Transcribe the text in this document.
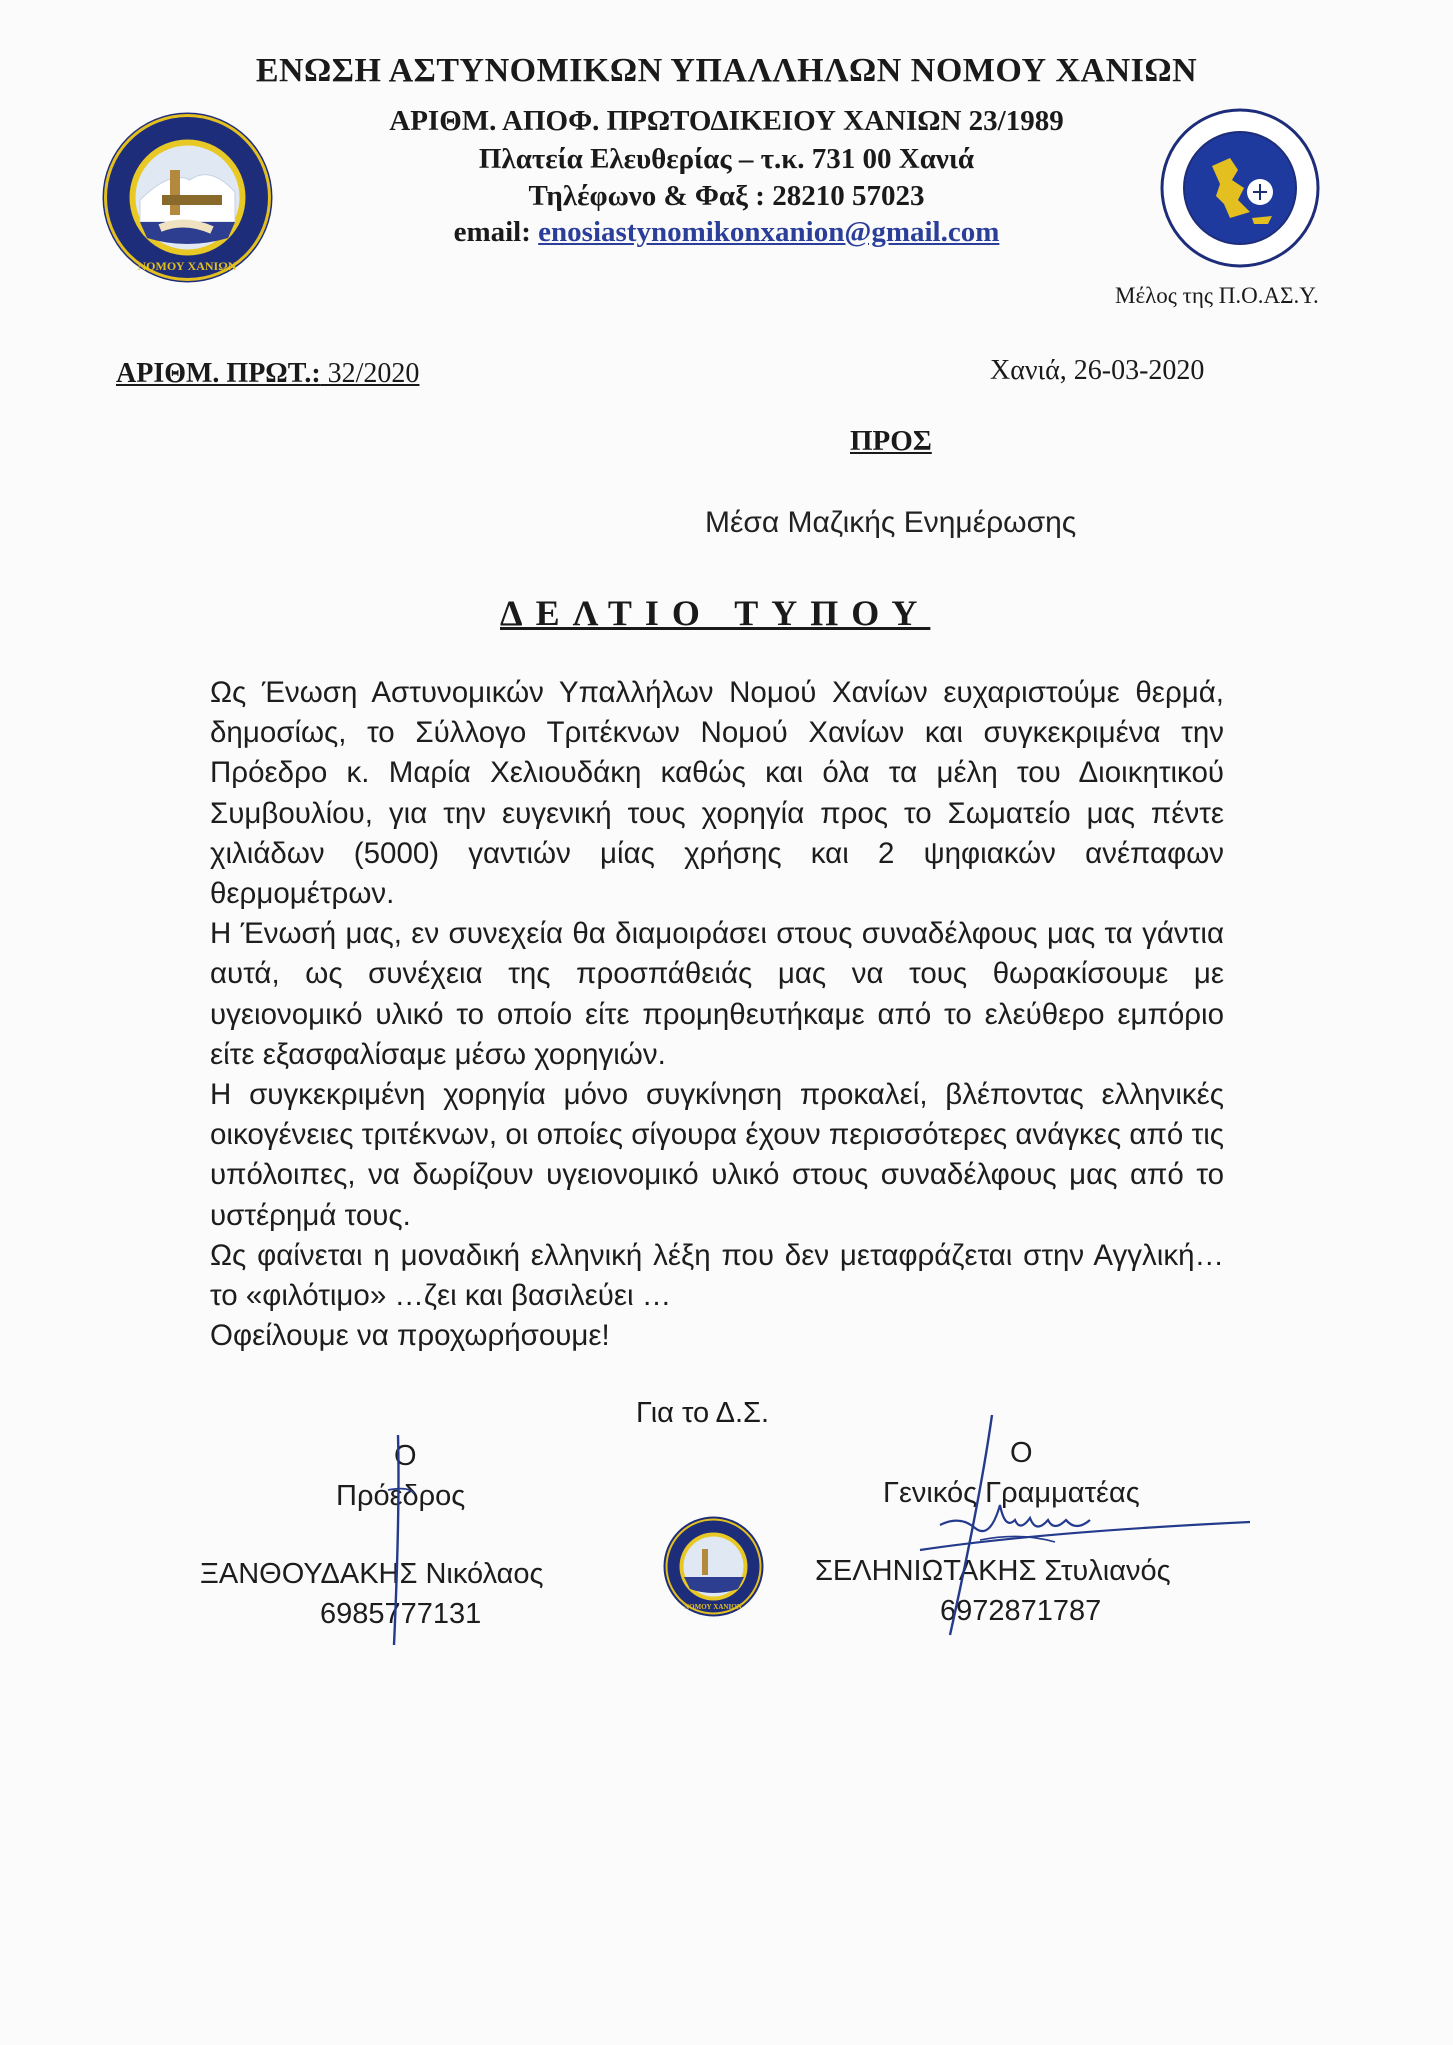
ΝΟΜΟΥ ΧΑΝΙΩΝ
ΕΝΩΣΗ ΑΣΤΥΝΟΜΙΚΩΝ ΥΠΑΛΛΗΛΩΝ ΝΟΜΟΥ ΧΑΝΙΩΝ
ΑΡΙΘΜ. ΑΠΟΦ. ΠΡΩΤΟΔΙΚΕΙΟΥ ΧΑΝΙΩΝ 23/1989
Πλατεία Ελευθερίας – τ.κ. 731 00 Χανιά
Τηλέφωνο & Φαξ : 28210 57023
email: enosiastynomikonxanion@gmail.com
Μέλος της Π.Ο.ΑΣ.Υ.
ΑΡΙΘΜ. ΠΡΩΤ.: 32/2020	Χανιά, 26-03-2020
ΠΡΟΣ
Μέσα Μαζικής Ενημέρωσης
ΔΕΛΤΙΟ ΤΥΠΟΥ

Ως Ένωση Αστυνομικών Υπαλλήλων Νομού Χανίων ευχαριστούμε θερμά, δημοσίως, το Σύλλογο Τριτέκνων Νομού Χανίων και συγκεκριμένα την Πρόεδρο κ. Μαρία Χελιουδάκη καθώς και όλα τα μέλη του Διοικητικού Συμβουλίου, για την ευγενική τους χορηγία προς το Σωματείο μας πέντε χιλιάδων (5000) γαντιών μίας χρήσης και 2 ψηφιακών ανέπαφων θερμομέτρων.

Η Ένωσή μας, εν συνεχεία θα διαμοιράσει στους συναδέλφους μας τα γάντια αυτά, ως συνέχεια της προσπάθειάς μας να τους θωρακίσουμε με υγειονομικό υλικό το οποίο είτε προμηθευτήκαμε από το ελεύθερο εμπόριο είτε εξασφαλίσαμε μέσω χορηγιών.

Η συγκεκριμένη χορηγία μόνο συγκίνηση προκαλεί, βλέποντας ελληνικές οικογένειες τριτέκνων, οι οποίες σίγουρα έχουν περισσότερες ανάγκες από τις υπόλοιπες, να δωρίζουν υγειονομικό υλικό στους συναδέλφους μας από το υστέρημά τους.

Ως φαίνεται η μοναδική ελληνική λέξη που δεν μεταφράζεται στην Αγγλική… το «φιλότιμο» …ζει και βασιλεύει …

Οφείλουμε να προχωρήσουμε!

Για το Δ.Σ.
Ο
Πρόεδρος
ΞΑΝΘΟΥΔΑΚΗΣ Νικόλαος
6985777131
Ο
Γενικός Γραμματέας
ΣΕΛΗΝΙΩΤΑΚΗΣ Στυλιανός
6972871787
ΝΟΜΟΥ ΧΑΝΙΩΝ
